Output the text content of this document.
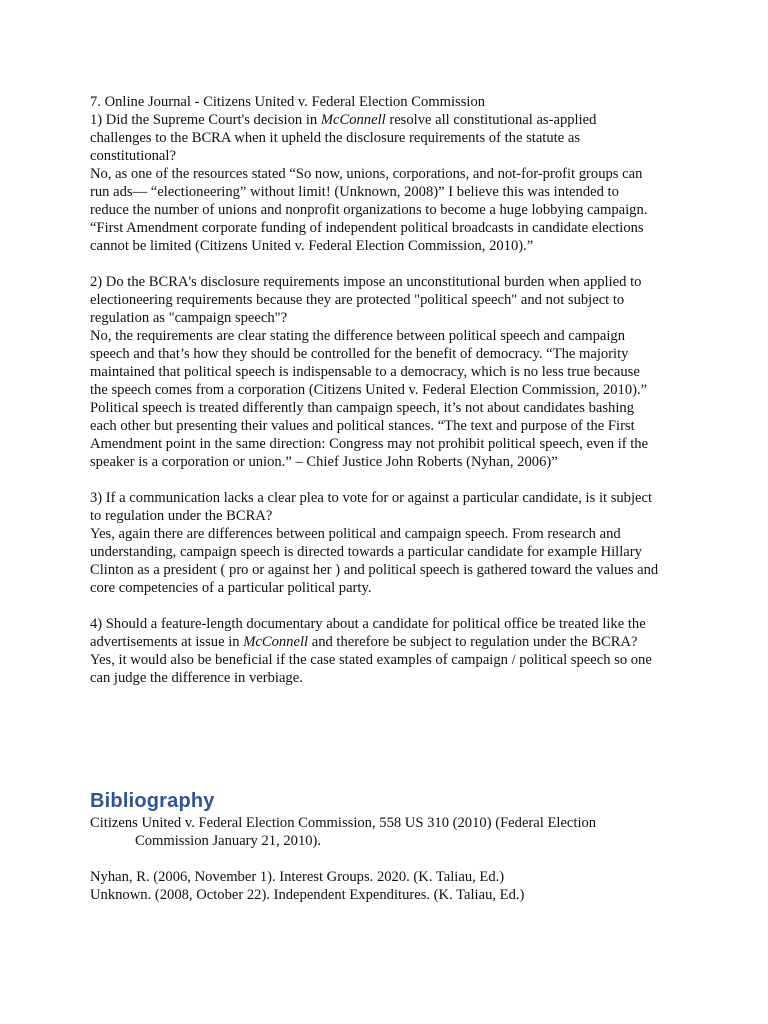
7. Online Journal - Citizens United v. Federal Election Commission

1) Did the Supreme Court's decision in McConnell resolve all constitutional as-applied

challenges to the BCRA when it upheld the disclosure requirements of the statute as

constitutional?

No, as one of the resources stated “So now, unions, corporations, and not-for-profit groups can

run ads— “electioneering” without limit! (Unknown, 2008)” I believe this was intended to

reduce the number of unions and nonprofit organizations to become a huge lobbying campaign.

“First Amendment corporate funding of independent political broadcasts in candidate elections

cannot be limited (Citizens United v. Federal Election Commission, 2010).”

2) Do the BCRA's disclosure requirements impose an unconstitutional burden when applied to

electioneering requirements because they are protected "political speech" and not subject to

regulation as "campaign speech"?

No, the requirements are clear stating the difference between political speech and campaign

speech and that’s how they should be controlled for the benefit of democracy. “The majority

maintained that political speech is indispensable to a democracy, which is no less true because

the speech comes from a corporation (Citizens United v. Federal Election Commission, 2010).”

Political speech is treated differently than campaign speech, it’s not about candidates bashing

each other but presenting their values and political stances. “The text and purpose of the First

Amendment point in the same direction: Congress may not prohibit political speech, even if the

speaker is a corporation or union.” – Chief Justice John Roberts (Nyhan, 2006)”

3) If a communication lacks a clear plea to vote for or against a particular candidate, is it subject

to regulation under the BCRA?

Yes, again there are differences between political and campaign speech. From research and

understanding, campaign speech is directed towards a particular candidate for example Hillary

Clinton as a president ( pro or against her ) and political speech is gathered toward the values and

core competencies of a particular political party.

4) Should a feature-length documentary about a candidate for political office be treated like the

advertisements at issue in McConnell and therefore be subject to regulation under the BCRA?

Yes, it would also be beneficial if the case stated examples of campaign / political speech so one

can judge the difference in verbiage.

Bibliography

Citizens United v. Federal Election Commission, 558 US 310 (2010) (Federal Election

Commission January 21, 2010).

Nyhan, R. (2006, November 1). Interest Groups. 2020. (K. Taliau, Ed.)

Unknown. (2008, October 22). Independent Expenditures. (K. Taliau, Ed.)
